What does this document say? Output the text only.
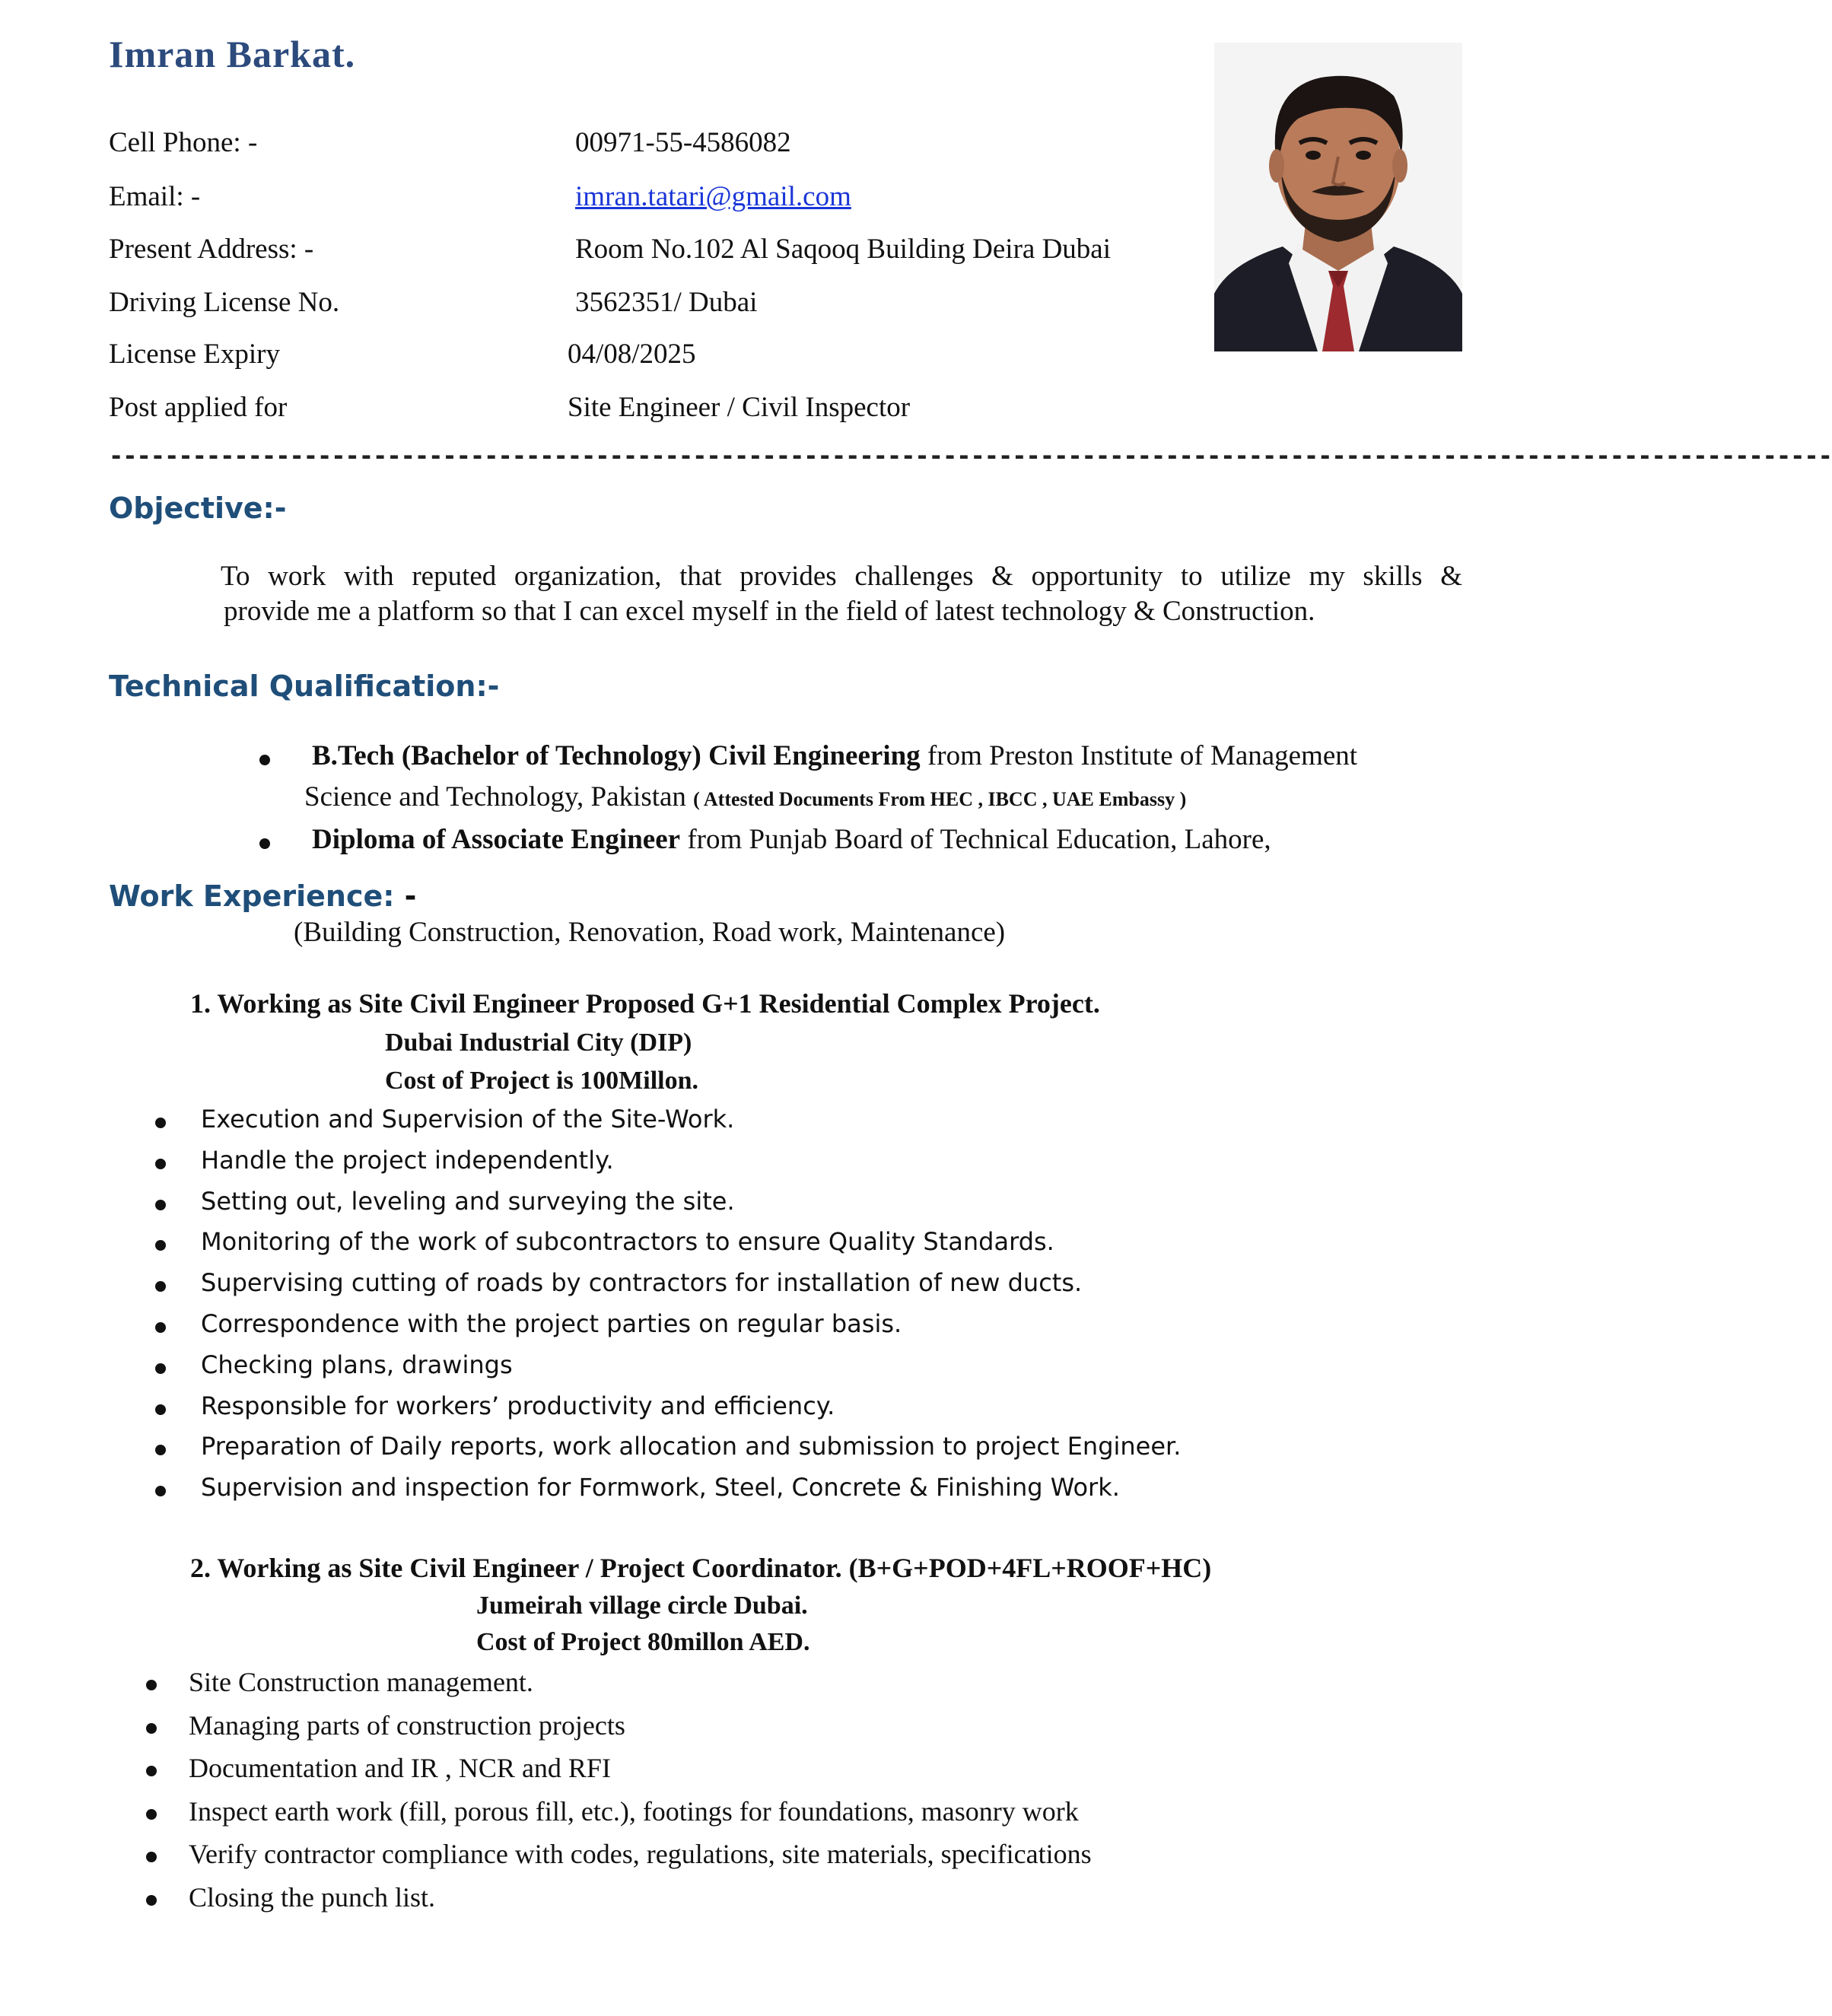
Imran Barkat.
Cell Phone: -	00971-55-4586082
Email: -	imran.tatari@gmail.com
Present Address: -	Room No.102 Al Saqooq Building Deira Dubai
Driving License No.	3562351/ Dubai
License Expiry	04/08/2025
Post applied for	Site Engineer / Civil Inspector
----------------------------------------------------------------------------------------------------------------------------
Objective:-
To work with reputed organization, that provides challenges & opportunity to utilize my skills &
provide me a platform so that I can excel myself in the field of latest technology & Construction.
Technical Qualification:-
B.Tech (Bachelor of Technology) Civil Engineering from Preston Institute of Management
Science and Technology, Pakistan ( Attested Documents From HEC , IBCC , UAE Embassy )
Diploma of Associate Engineer from Punjab Board of Technical Education, Lahore,
Work Experience: -
(Building Construction, Renovation, Road work, Maintenance)
1. Working as Site Civil Engineer Proposed G+1 Residential Complex Project.
Dubai Industrial City (DIP)
Cost of Project is 100Millon.
Execution and Supervision of the Site-Work.
Handle the project independently.
Setting out, leveling and surveying the site.
Monitoring of the work of subcontractors to ensure Quality Standards.
Supervising cutting of roads by contractors for installation of new ducts.
Correspondence with the project parties on regular basis.
Checking plans, drawings
Responsible for workers’ productivity and efficiency.
Preparation of Daily reports, work allocation and submission to project Engineer.
Supervision and inspection for Formwork, Steel, Concrete & Finishing Work.
2. Working as Site Civil Engineer / Project Coordinator. (B+G+POD+4FL+ROOF+HC)
Jumeirah village circle Dubai.
Cost of Project 80millon AED.
Site Construction management.
Managing parts of construction projects
Documentation and IR , NCR and RFI
Inspect earth work (fill, porous fill, etc.), footings for foundations, masonry work
Verify contractor compliance with codes, regulations, site materials, specifications
Closing the punch list.
